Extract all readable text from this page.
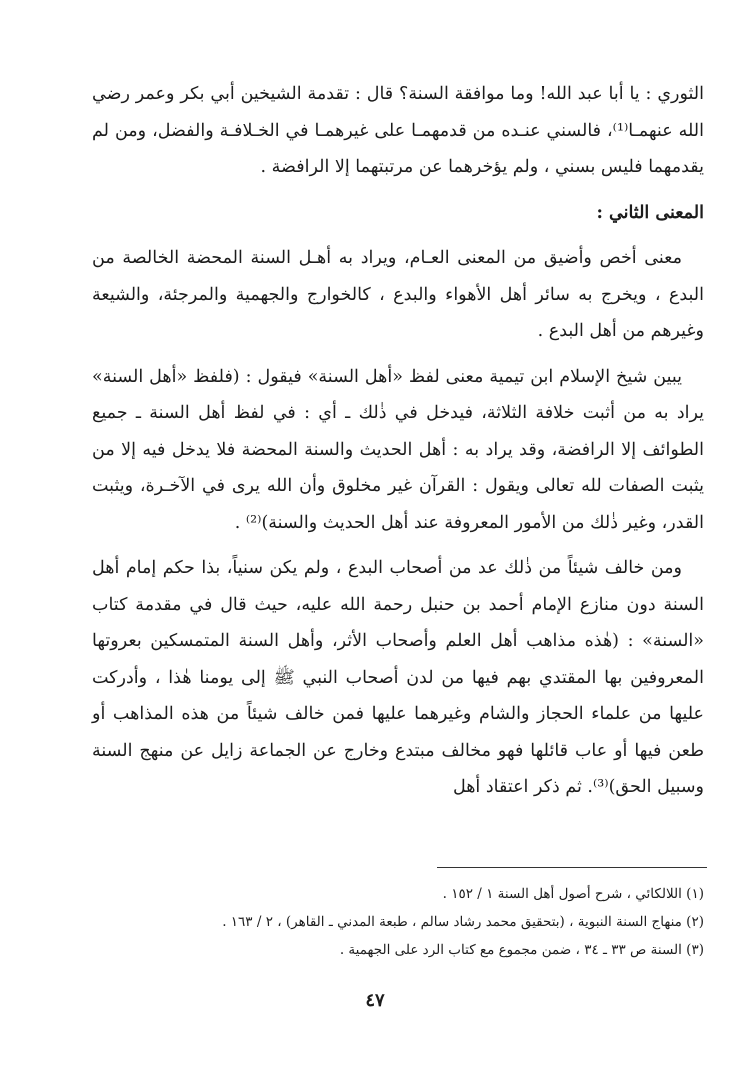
الثوري : يا أبا عبد الله! وما موافقة السنة؟ قال : تقدمة الشيخين أبي بكر وعمر رضي الله عنهمـا⁽¹⁾، فالسني عنـده من قدمهمـا على غيرهمـا في الخـلافـة والفضل، ومن لم يقدمهما فليس بسني ، ولم يؤخرهما عن مرتبتهما إلا الرافضة .

المعنى الثاني :

معنى أخص وأضيق من المعنى العـام، ويراد به أهـل السنة المحضة الخالصة من البدع ، ويخرج به سائر أهل الأهواء والبدع ، كالخوارج والجهمية والمرجئة، والشيعة وغيرهم من أهل البدع .

يبين شيخ الإسلام ابن تيمية معنى لفظ «أهل السنة» فيقول : (فلفظ «أهل السنة» يراد به من أثبت خلافة الثلاثة، فيدخل في ذٰلك ـ أي : في لفظ أهل السنة ـ جميع الطوائف إلا الرافضة، وقد يراد به : أهل الحديث والسنة المحضة فلا يدخل فيه إلا من يثبت الصفات لله تعالى ويقول : القرآن غير مخلوق وأن الله يرى في الآخـرة، ويثبت القدر، وغير ذٰلك من الأمور المعروفة عند أهل الحديث والسنة)⁽²⁾ .

ومن خالف شيئاً من ذٰلك عد من أصحاب البدع ، ولم يكن سنياً، بذا حكم إمام أهل السنة دون منازع الإمام أحمد بن حنبل رحمة الله عليه، حيث قال في مقدمة كتاب «السنة» : (هٰذه مذاهب أهل العلم وأصحاب الأثر، وأهل السنة المتمسكين بعروتها المعروفين بها المقتدي بهم فيها من لدن أصحاب النبي ﷺ إلى يومنا هٰذا ، وأدركت عليها من علماء الحجاز والشام وغيرهما عليها فمن خالف شيئاً من هذه المذاهب أو طعن فيها أو عاب قائلها فهو مخالف مبتدع وخارج عن الجماعة زايل عن منهج السنة وسبيل الحق)⁽³⁾. ثم ذكر اعتقاد أهل

(١) اللالكائي ، شرح أصول أهل السنة ١ / ١٥٢ .
(٢) منهاج السنة النبوية ، (بتحقيق محمد رشاد سالم ، طبعة المدني ـ القاهر) ، ٢ / ١٦٣ .
(٣) السنة ص ٣٣ ـ ٣٤ ، ضمن مجموع مع كتاب الرد على الجهمية .
٤٧
